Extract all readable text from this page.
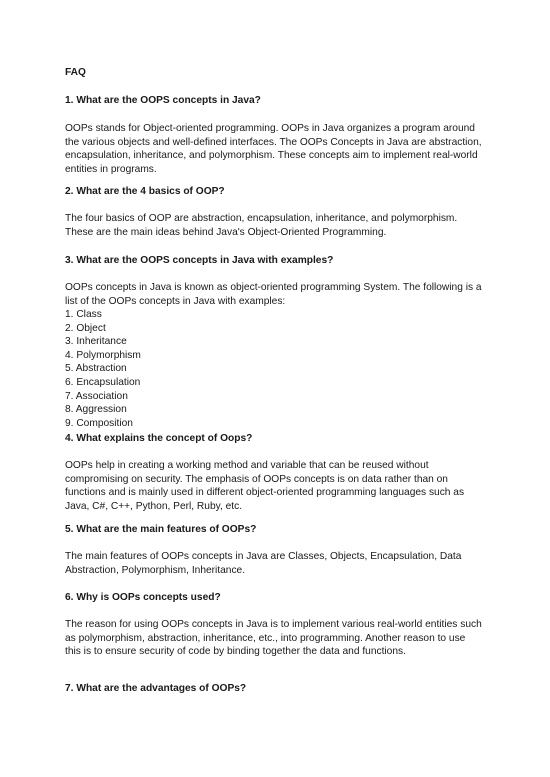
FAQ
1. What are the OOPS concepts in Java?
OOPs stands for Object-oriented programming. OOPs in Java organizes a program around
the various objects and well-defined interfaces. The OOPs Concepts in Java are abstraction,
encapsulation, inheritance, and polymorphism. These concepts aim to implement real-world
entities in programs.
2. What are the 4 basics of OOP?
The four basics of OOP are abstraction, encapsulation, inheritance, and polymorphism.
These are the main ideas behind Java's Object-Oriented Programming.
3. What are the OOPS concepts in Java with examples?
OOPs concepts in Java is known as object-oriented programming System. The following is a
list of the OOPs concepts in Java with examples:
1. Class
2. Object
3. Inheritance
4. Polymorphism
5. Abstraction
6. Encapsulation
7. Association
8. Aggression
9. Composition
4. What explains the concept of Oops?
OOPs help in creating a working method and variable that can be reused without
compromising on security. The emphasis of OOPs concepts is on data rather than on
functions and is mainly used in different object-oriented programming languages such as
Java, C#, C++, Python, Perl, Ruby, etc.
5. What are the main features of OOPs?
The main features of OOPs concepts in Java are Classes, Objects, Encapsulation, Data
Abstraction, Polymorphism, Inheritance.
6. Why is OOPs concepts used?
The reason for using OOPs concepts in Java is to implement various real-world entities such
as polymorphism, abstraction, inheritance, etc., into programming. Another reason to use
this is to ensure security of code by binding together the data and functions.
7. What are the advantages of OOPs?
